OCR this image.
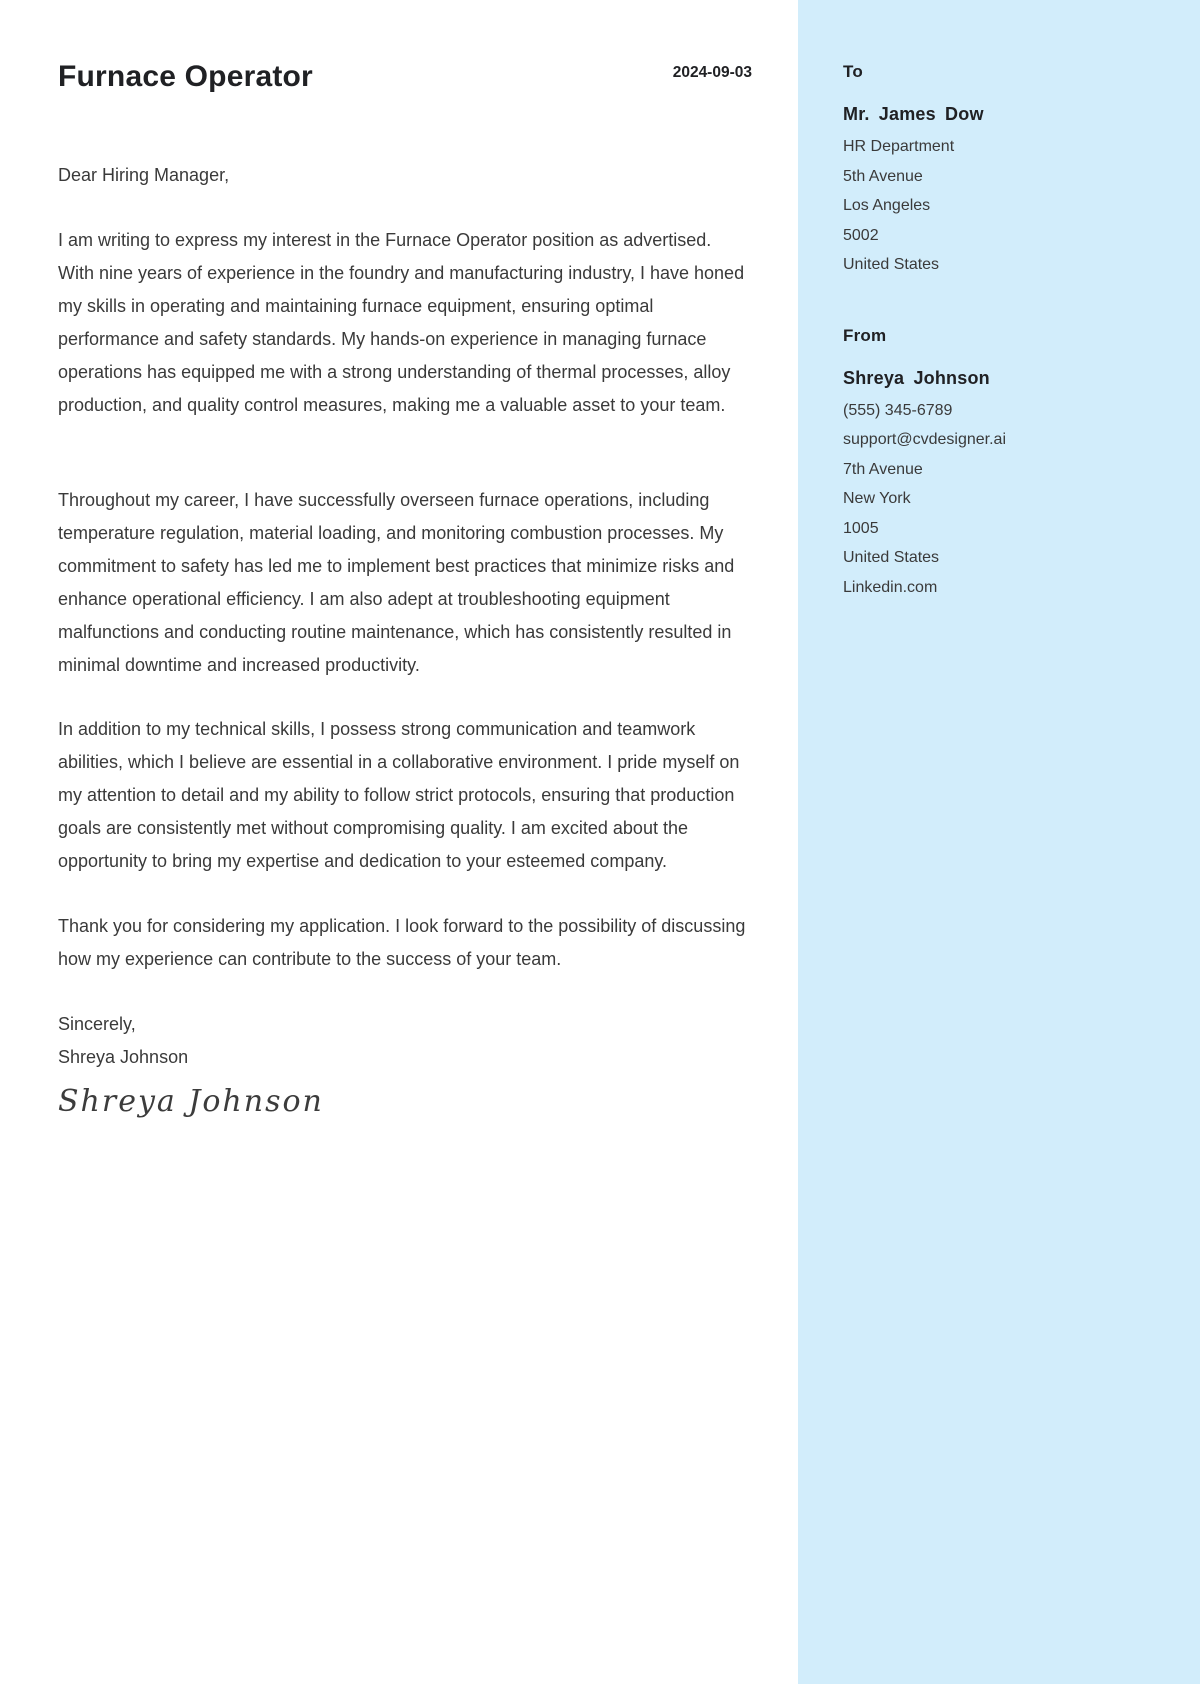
Furnace Operator	2024-09-03
Dear Hiring Manager,

I am writing to express my interest in the Furnace Operator position as advertised. With nine years of experience in the foundry and manufacturing industry, I have honed my skills in operating and maintaining furnace equipment, ensuring optimal performance and safety standards. My hands-on experience in managing furnace operations has equipped me with a strong understanding of thermal processes, alloy production, and quality control measures, making me a valuable asset to your team.

Throughout my career, I have successfully overseen furnace operations, including temperature regulation, material loading, and monitoring combustion processes. My commitment to safety has led me to implement best practices that minimize risks and enhance operational efficiency. I am also adept at troubleshooting equipment malfunctions and conducting routine maintenance, which has consistently resulted in minimal downtime and increased productivity.

In addition to my technical skills, I possess strong communication and teamwork abilities, which I believe are essential in a collaborative environment. I pride myself on my attention to detail and my ability to follow strict protocols, ensuring that production goals are consistently met without compromising quality. I am excited about the opportunity to bring my expertise and dedication to your esteemed company.

Thank you for considering my application. I look forward to the possibility of discussing how my experience can contribute to the success of your team.

Sincerely,
Shreya Johnson
Shreya Johnson
To
Mr. James Dow
HR Department
5th Avenue
Los Angeles
5002
United States
From
Shreya Johnson
(555) 345-6789
support@cvdesigner.ai
7th Avenue
New York
1005
United States
Linkedin.com
